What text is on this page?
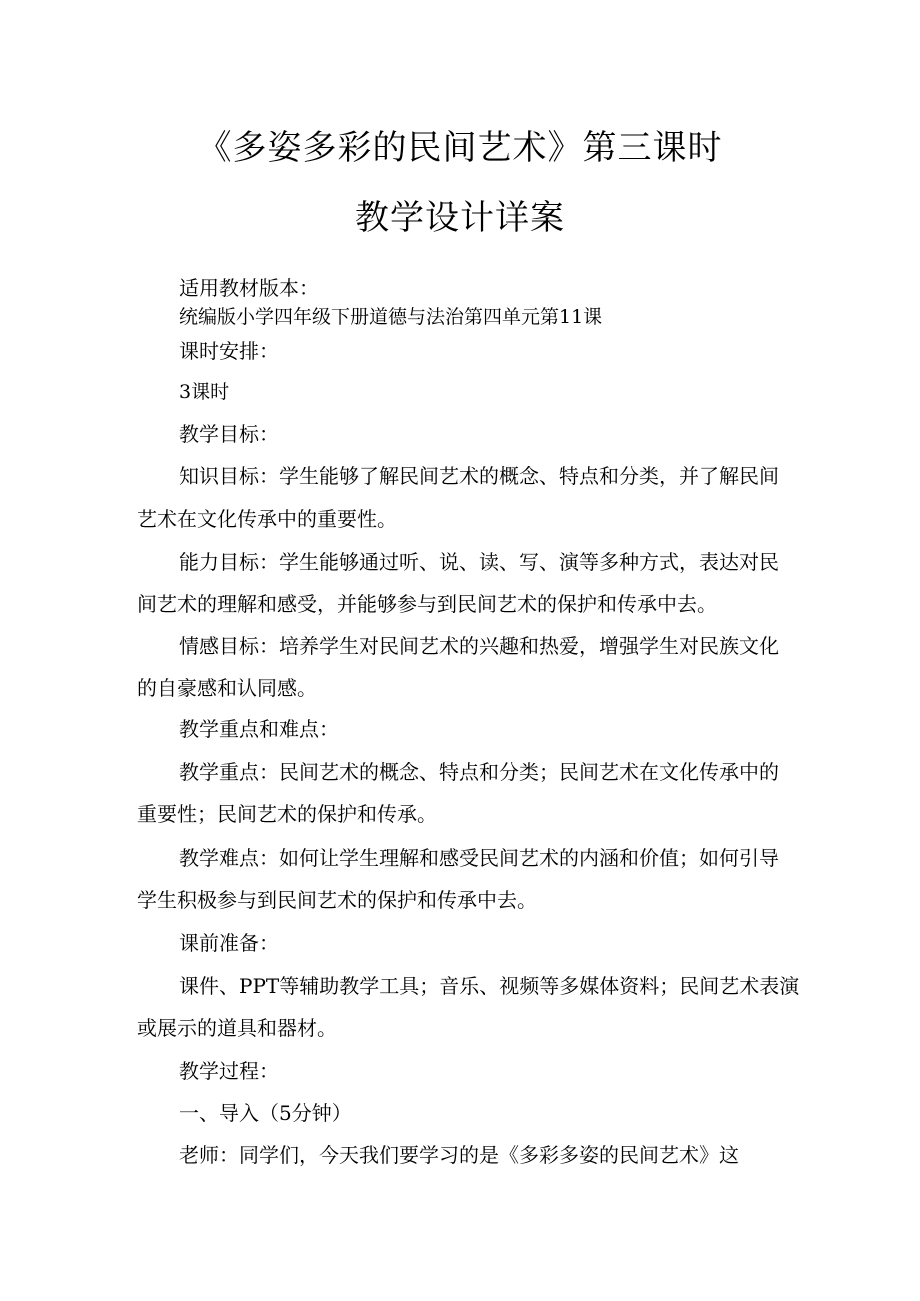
《多姿多彩的民间艺术》第三课时
教学设计详案
适用教材版本：
统编版小学四年级下册道德与法治第四单元第11课
课时安排：
3课时
教学目标：
知识目标：学生能够了解民间艺术的概念、特点和分类，并了解民间
艺术在文化传承中的重要性。
能力目标：学生能够通过听、说、读、写、演等多种方式，表达对民
间艺术的理解和感受，并能够参与到民间艺术的保护和传承中去。
情感目标：培养学生对民间艺术的兴趣和热爱，增强学生对民族文化
的自豪感和认同感。
教学重点和难点：
教学重点：民间艺术的概念、特点和分类；民间艺术在文化传承中的
重要性；民间艺术的保护和传承。
教学难点：如何让学生理解和感受民间艺术的内涵和价值；如何引导
学生积极参与到民间艺术的保护和传承中去。
课前准备：
课件、PPT等辅助教学工具；音乐、视频等多媒体资料；民间艺术表演
或展示的道具和器材。
教学过程：
一、导入（5分钟）
老师：同学们，今天我们要学习的是《多彩多姿的民间艺术》这
